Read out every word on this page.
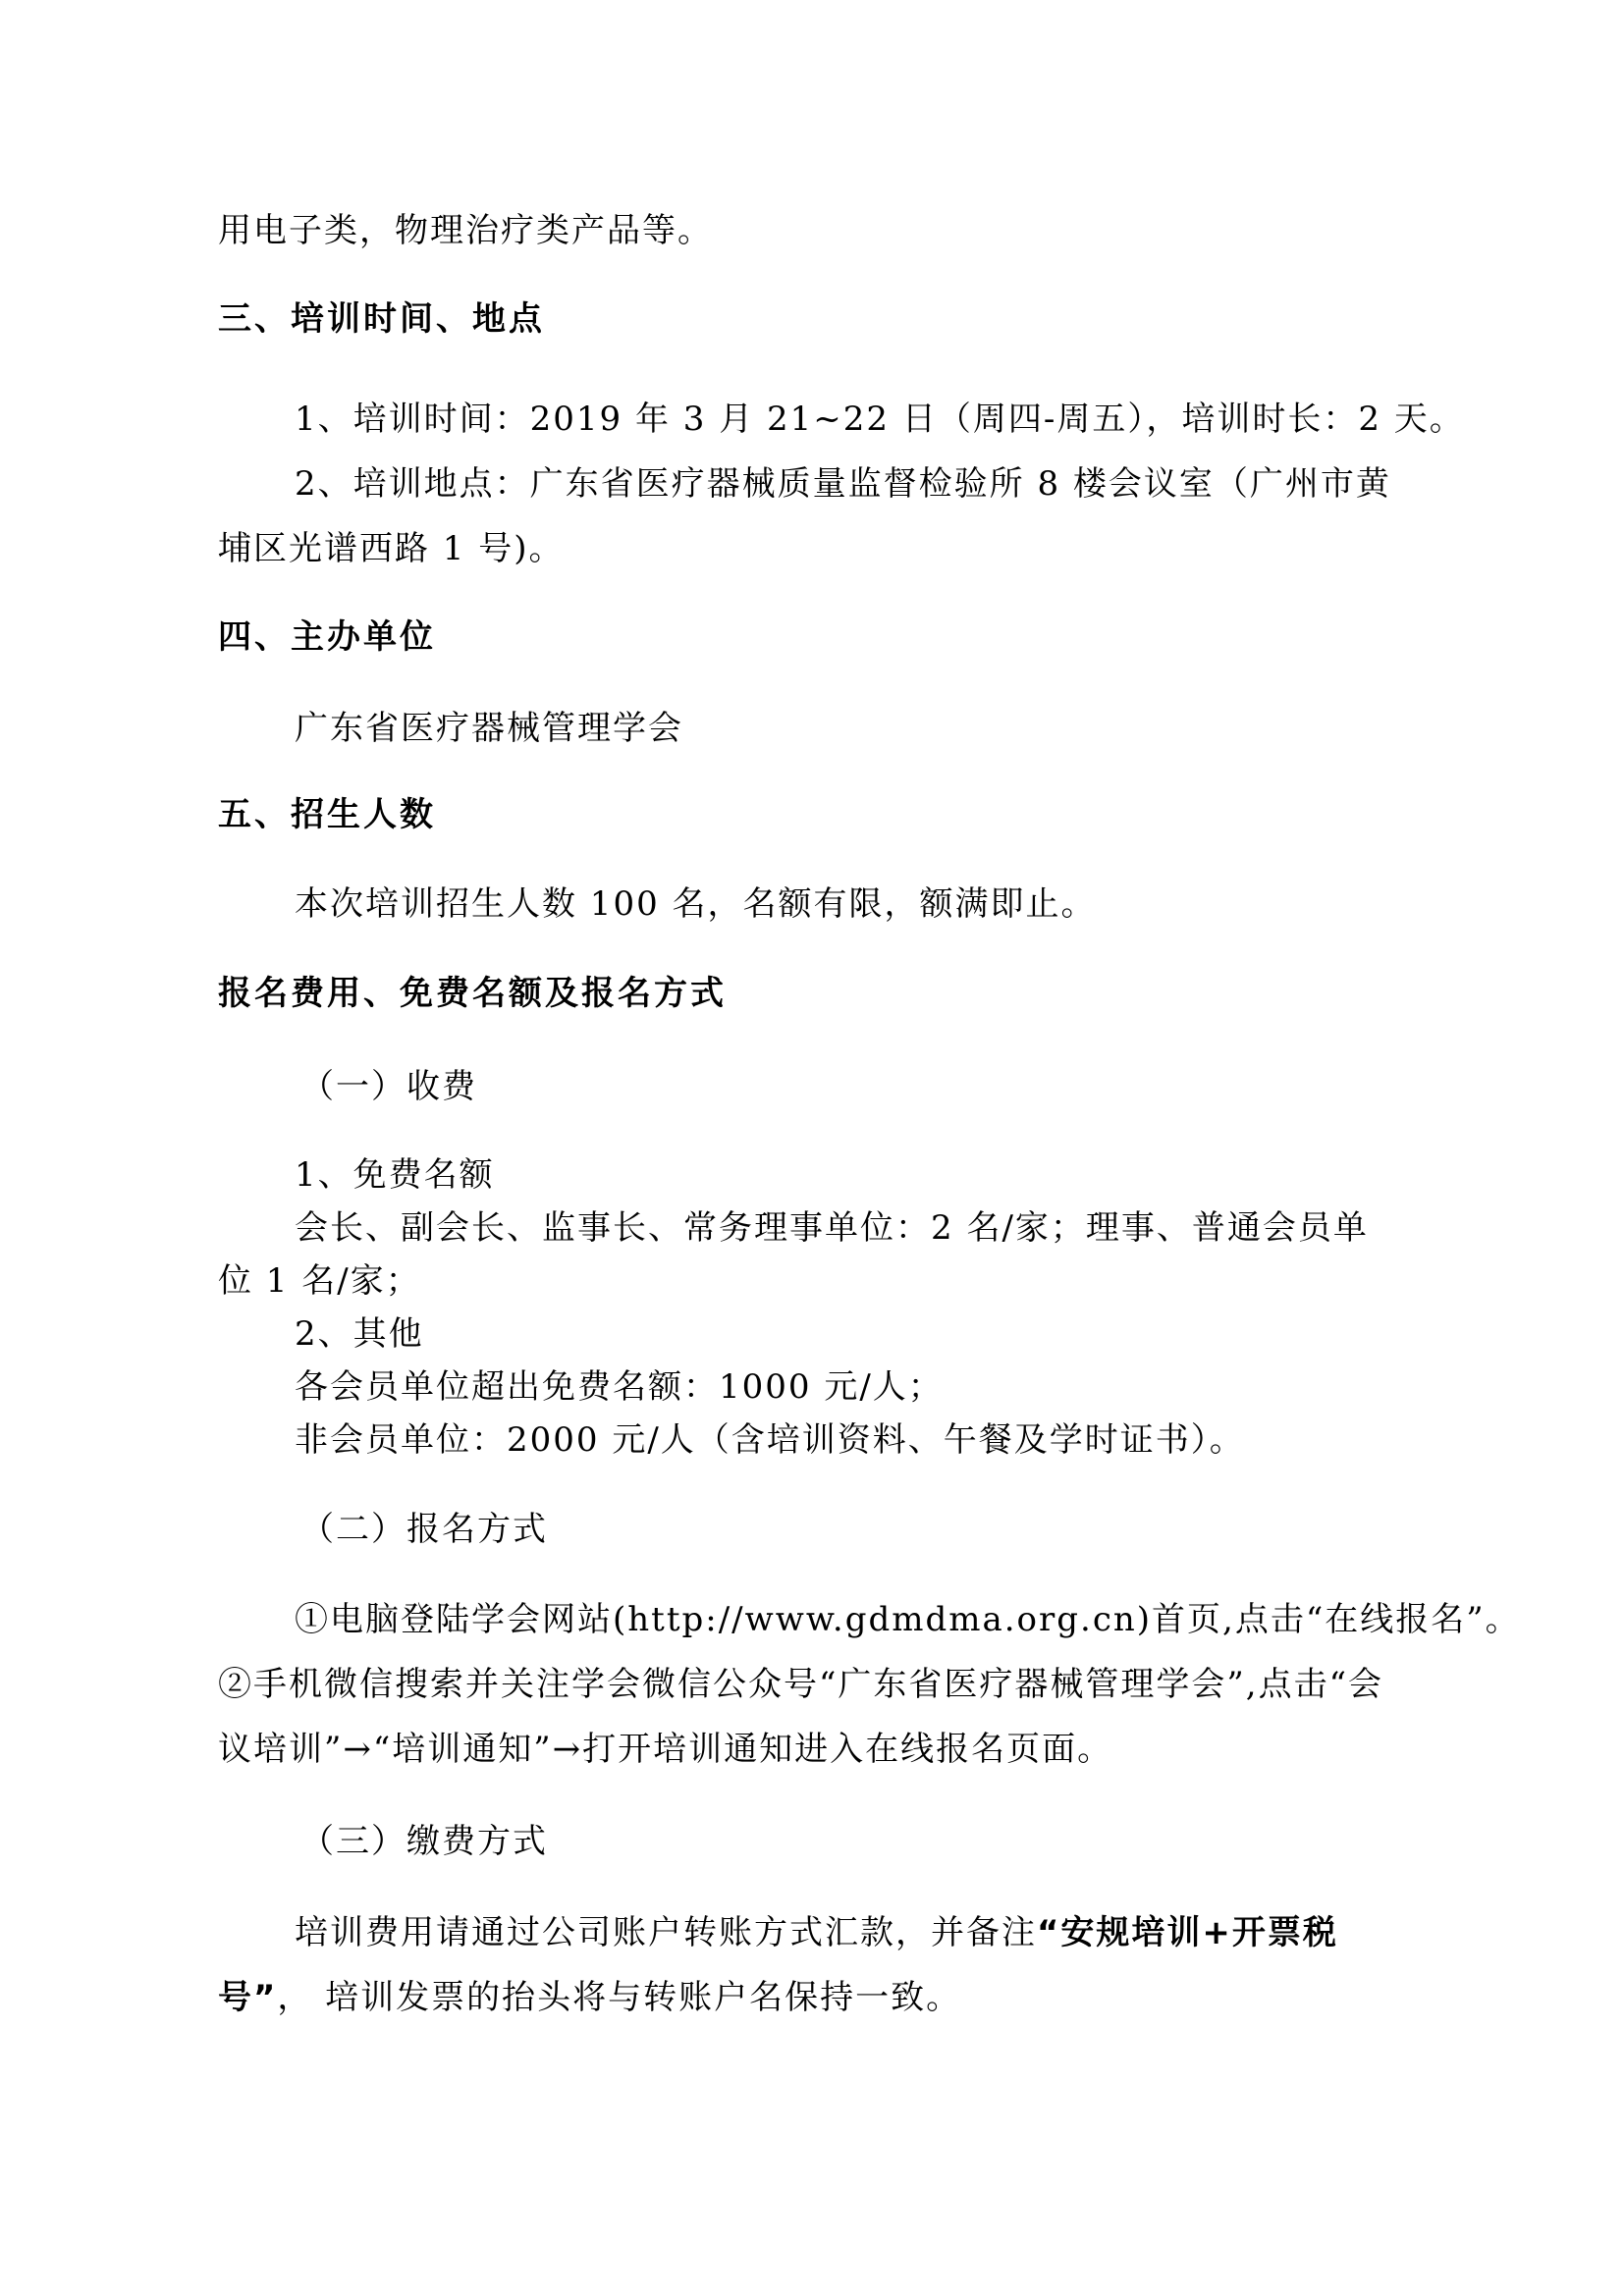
用电子类，物理治疗类产品等。
三、培训时间、地点
1、培训时间：2019 年 3 月 21~22 日（周四-周五），培训时长：2 天。
2、培训地点：广东省医疗器械质量监督检验所 8 楼会议室（广州市黄
埔区光谱西路 1 号)。
四、主办单位
广东省医疗器械管理学会
五、招生人数
本次培训招生人数 100 名，名额有限，额满即止。
报名费用、免费名额及报名方式
（一）收费
1、免费名额
会长、副会长、监事长、常务理事单位：2 名/家；理事、普通会员单
位 1 名/家；
2、其他
各会员单位超出免费名额：1000 元/人；
非会员单位：2000 元/人（含培训资料、午餐及学时证书）。
（二）报名方式
①电脑登陆学会网站(http://www.gdmdma.org.cn)首页,点击“在线报名”。
②手机微信搜索并关注学会微信公众号“广东省医疗器械管理学会”,点击“会
议培训”→“培训通知”→打开培训通知进入在线报名页面。
（三）缴费方式
培训费用请通过公司账户转账方式汇款，并备注“安规培训+开票税
号”， 培训发票的抬头将与转账户名保持一致。
